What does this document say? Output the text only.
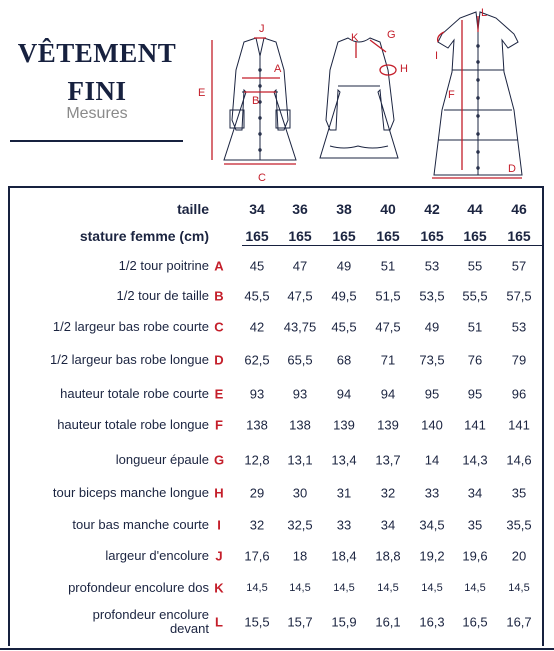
VÊTEMENT
FINI
Mesures
J
A
B
E
C
K	G
H
I
L
F
D
taille	34	36	38	40	42	44	46
stature femme (cm)	165	165	165	165	165	165	165
1/2 tour poitrine A	45	47	49	51	53	55	57
1/2 tour de taille B	45,5	47,5	49,5	51,5	53,5	55,5	57,5
1/2 largeur bas robe courte C	42	43,75	45,5	47,5	49	51	53
1/2 largeur bas robe longue D	62,5	65,5	68	71	73,5	76	79
hauteur totale robe courte E	93	93	94	94	95	95	96
hauteur totale robe longue F	138	138	139	139	140	141	141
longueur épaule G	12,8	13,1	13,4	13,7	14	14,3	14,6
tour biceps manche longue H	29	30	31	32	33	34	35
tour bas manche courte I	32	32,5	33	34	34,5	35	35,5
largeur d'encolure J	17,6	18	18,4	18,8	19,2	19,6	20
profondeur encolure dos K	14,5	14,5	14,5	14,5	14,5	14,5	14,5
profondeur encolure
devant L	15,5	15,7	15,9	16,1	16,3	16,5	16,7
